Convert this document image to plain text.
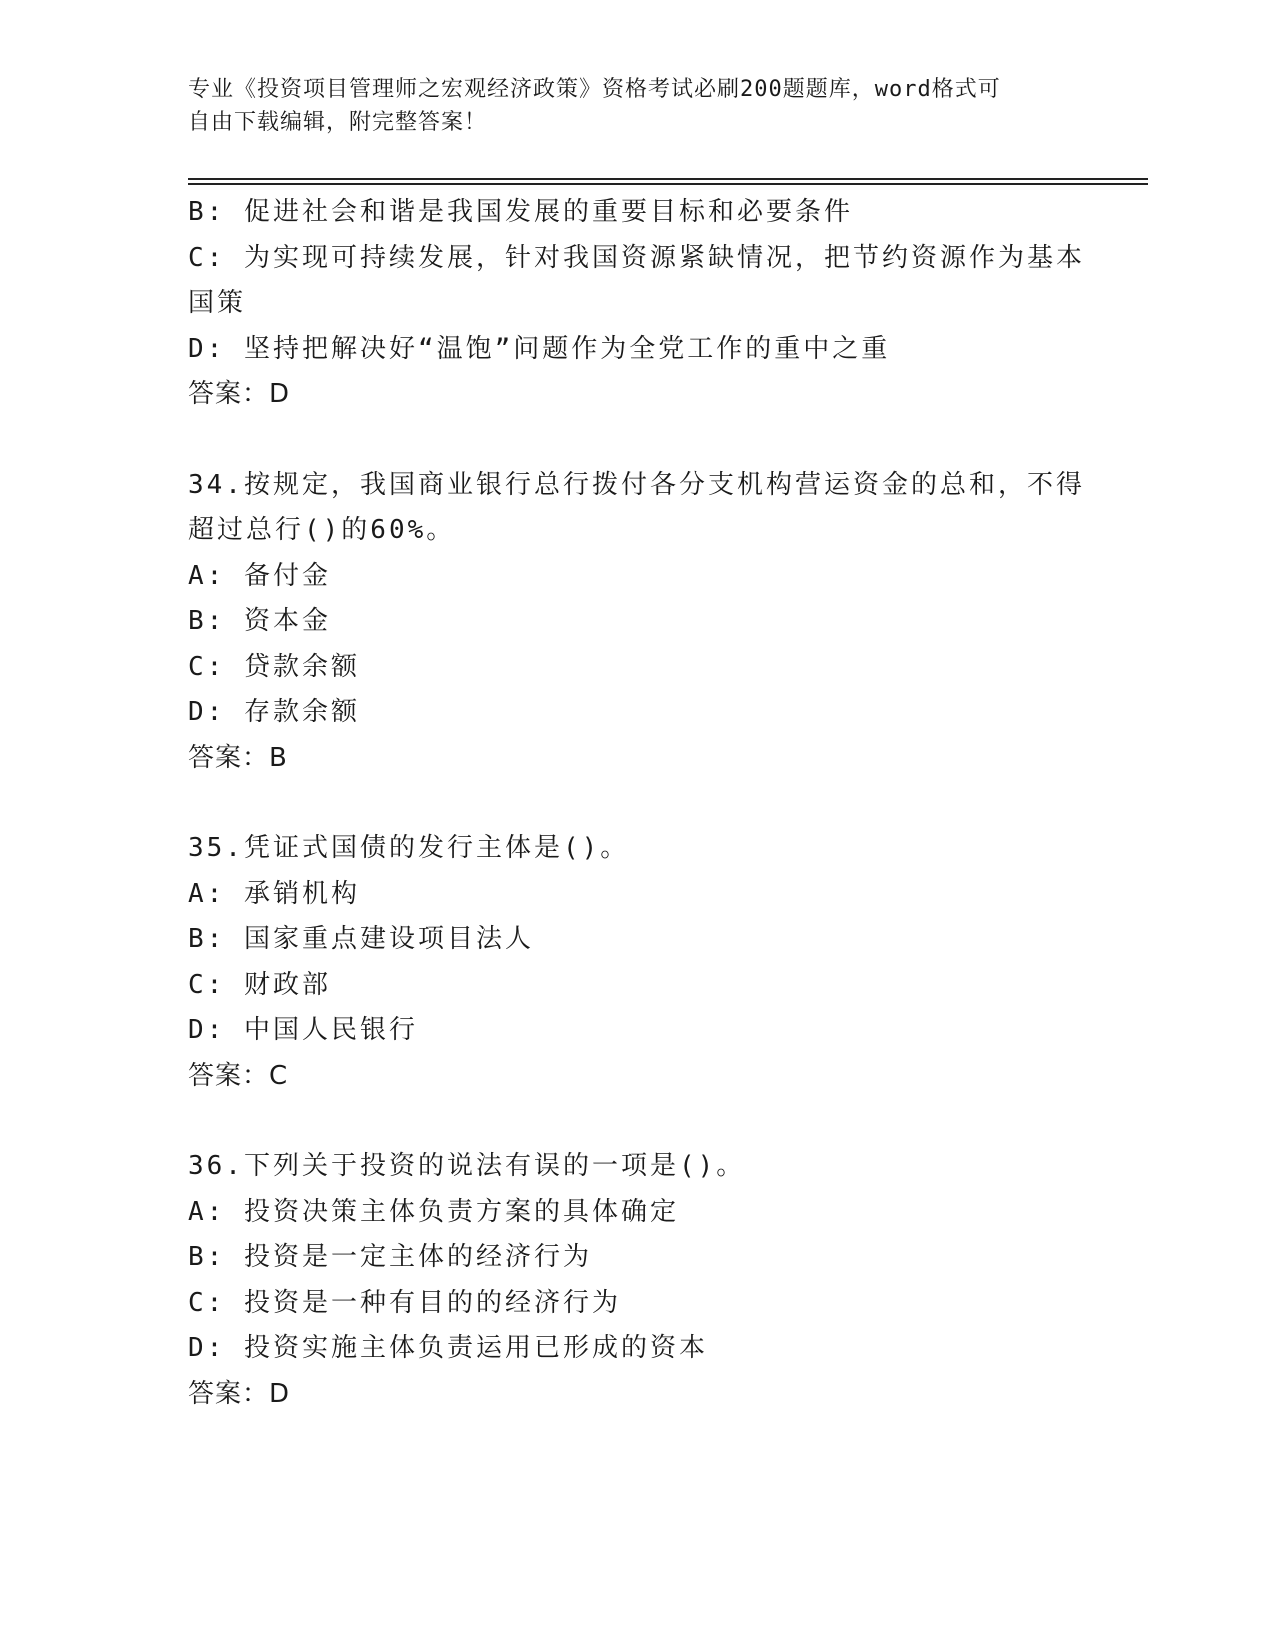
专业《投资项目管理师之宏观经济政策》资格考试必刷200题题库，word格式可
自由下载编辑，附完整答案！
B: 促进社会和谐是我国发展的重要目标和必要条件
C: 为实现可持续发展，针对我国资源紧缺情况，把节约资源作为基本
国策
D: 坚持把解决好“温饱”问题作为全党工作的重中之重
答案：D
34.按规定，我国商业银行总行拨付各分支机构营运资金的总和，不得
超过总行()的60%。
A: 备付金
B: 资本金
C: 贷款余额
D: 存款余额
答案：B
35.凭证式国债的发行主体是()。
A: 承销机构
B: 国家重点建设项目法人
C: 财政部
D: 中国人民银行
答案：C
36.下列关于投资的说法有误的一项是()。
A: 投资决策主体负责方案的具体确定
B: 投资是一定主体的经济行为
C: 投资是一种有目的的经济行为
D: 投资实施主体负责运用已形成的资本
答案：D
